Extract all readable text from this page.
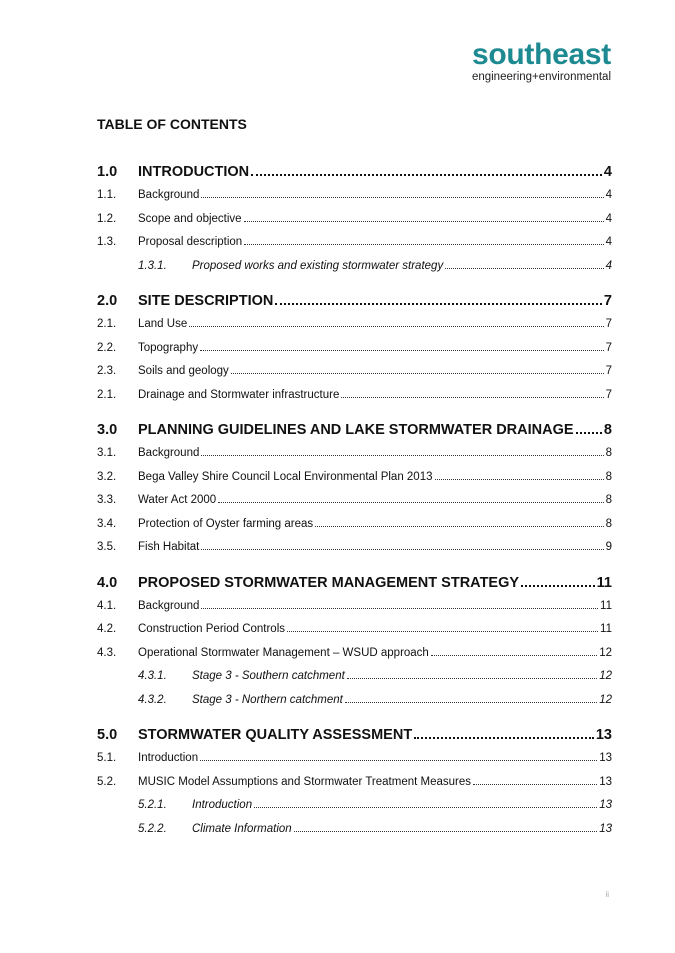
southeast
engineering+environmental
TABLE OF CONTENTS
1.0	INTRODUCTION	4
1.1.	Background	4
1.2.	Scope and objective	4
1.3.	Proposal description	4
1.3.1.	Proposed works and existing stormwater strategy	4
2.0	SITE DESCRIPTION	7
2.1.	Land Use	7
2.2.	Topography	7
2.3.	Soils and geology	7
2.1.	Drainage and Stormwater infrastructure	7
3.0	PLANNING GUIDELINES AND LAKE STORMWATER DRAINAGE 8
3.1.	Background	8
3.2.	Bega Valley Shire Council Local Environmental Plan 2013	8
3.3.	Water Act 2000	8
3.4.	Protection of Oyster farming areas	8
3.5.	Fish Habitat	9
4.0	PROPOSED STORMWATER MANAGEMENT STRATEGY	11
4.1.	Background	11
4.2.	Construction Period Controls	11
4.3.	Operational Stormwater Management – WSUD approach	12
4.3.1.	Stage 3 - Southern catchment	12
4.3.2.	Stage 3 - Northern catchment	12
5.0	STORMWATER QUALITY ASSESSMENT	13
5.1.	Introduction	13
5.2.	MUSIC Model Assumptions and Stormwater Treatment Measures	13
5.2.1.	Introduction	13
5.2.2.	Climate Information	13
ii
